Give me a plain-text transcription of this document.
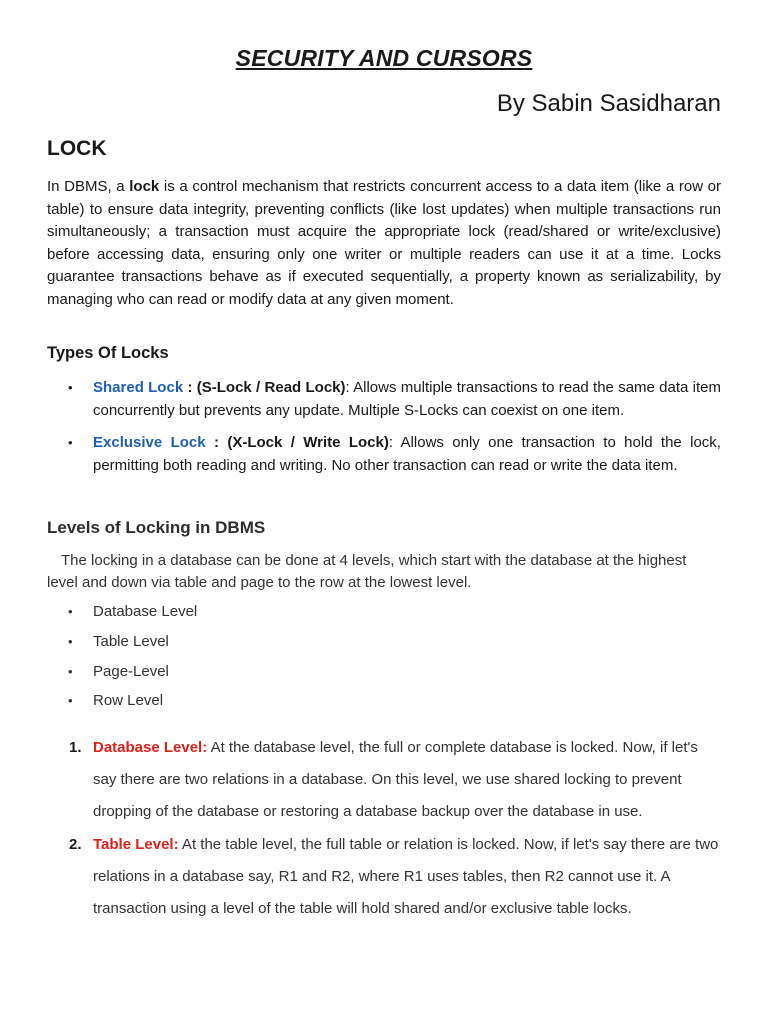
SECURITY AND CURSORS
By Sabin Sasidharan
LOCK
In DBMS, a lock is a control mechanism that restricts concurrent access to a data item (like a row or table) to ensure data integrity, preventing conflicts (like lost updates) when multiple transactions run simultaneously; a transaction must acquire the appropriate lock (read/shared or write/exclusive) before accessing data, ensuring only one writer or multiple readers can use it at a time. Locks guarantee transactions behave as if executed sequentially, a property known as serializability, by managing who can read or modify data at any given moment.
Types Of Locks
• Shared Lock : (S-Lock / Read Lock): Allows multiple transactions to read the same data item concurrently but prevents any update. Multiple S-Locks can coexist on one item.
• Exclusive Lock : (X-Lock / Write Lock): Allows only one transaction to hold the lock, permitting both reading and writing. No other transaction can read or write the data item.
Levels of Locking in DBMS
The locking in a database can be done at 4 levels, which start with the database at the highest level and down via table and page to the row at the lowest level.
• Database Level
• Table Level
• Page-Level
• Row Level
1. Database Level: At the database level, the full or complete database is locked. Now, if let's say there are two relations in a database. On this level, we use shared locking to prevent dropping of the database or restoring a database backup over the database in use.
2. Table Level: At the table level, the full table or relation is locked. Now, if let's say there are two relations in a database say, R1 and R2, where R1 uses tables, then R2 cannot use it. A transaction using a level of the table will hold shared and/or exclusive table locks.
